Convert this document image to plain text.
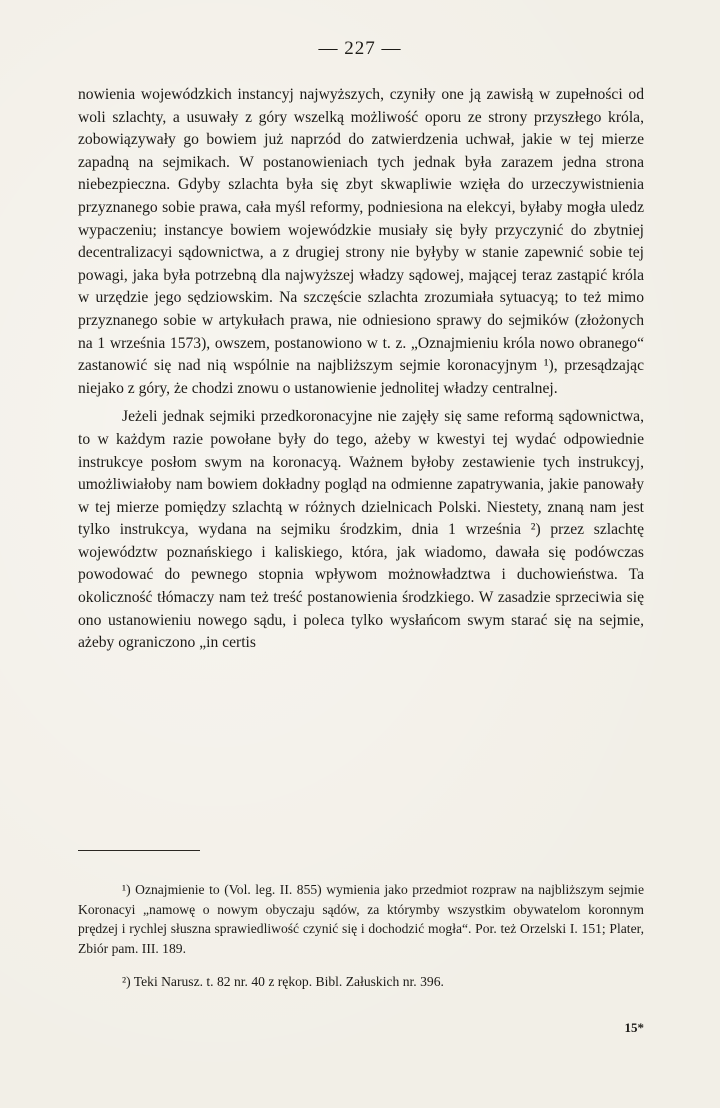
— 227 —

nowienia wojewódzkich instancyj najwyższych, czyniły one ją zawisłą w zupełności od woli szlachty, a usuwały z góry wszelką możliwość oporu ze strony przyszłego króla, zobowiązywały go bowiem już naprzód do zatwierdzenia uchwał, jakie w tej mierze zapadną na sejmikach. W postanowieniach tych jednak była zarazem jedna strona niebezpieczna. Gdyby szlachta była się zbyt skwapliwie wzięła do urzeczywistnienia przyznanego sobie prawa, cała myśl reformy, podniesiona na elekcyi, byłaby mogła uledz wypaczeniu; instancye bowiem wojewódzkie musiały się były przyczynić do zbytniej decentralizacyi sądownictwa, a z drugiej strony nie byłyby w stanie zapewnić sobie tej powagi, jaka była potrzebną dla najwyższej władzy sądowej, mającej teraz zastąpić króla w urzędzie jego sędziowskim. Na szczęście szlachta zrozumiała sytuacyą; to też mimo przyznanego sobie w artykułach prawa, nie odniesiono sprawy do sejmików (złożonych na 1 września 1573), owszem, postanowiono w t. z. „Oznajmieniu króla nowo obranego“ zastanowić się nad nią wspólnie na najbliższym sejmie koronacyjnym ¹), przesądzając niejako z góry, że chodzi znowu o ustanowienie jednolitej władzy centralnej.

Jeżeli jednak sejmiki przedkoronacyjne nie zajęły się same reformą sądownictwa, to w każdym razie powołane były do tego, ażeby w kwestyi tej wydać odpowiednie instrukcye posłom swym na koronacyą. Ważnem byłoby zestawienie tych instrukcyj, umożliwiałoby nam bowiem dokładny pogląd na odmienne zapatrywania, jakie panowały w tej mierze pomiędzy szlachtą w różnych dzielnicach Polski. Niestety, znaną nam jest tylko instrukcya, wydana na sejmiku środzkim, dnia 1 września ²) przez szlachtę województw poznańskiego i kaliskiego, która, jak wiadomo, dawała się podówczas powodować do pewnego stopnia wpływom możnowładztwa i duchowieństwa. Ta okoliczność tłómaczy nam też treść postanowienia środzkiego. W zasadzie sprzeciwia się ono ustanowieniu nowego sądu, i poleca tylko wysłańcom swym starać się na sejmie, ażeby ograniczono „in certis

¹) Oznajmienie to (Vol. leg. II. 855) wymienia jako przedmiot rozpraw na najbliższym sejmie Koronacyi „namowę o nowym obyczaju sądów, za którymby wszystkim obywatelom koronnym prędzej i rychlej słuszna sprawiedliwość czynić się i dochodzić mogła“. Por. też Orzelski I. 151; Plater, Zbiór pam. III. 189.

²) Teki Narusz. t. 82 nr. 40 z rękop. Bibl. Załuskich nr. 396.

15*
